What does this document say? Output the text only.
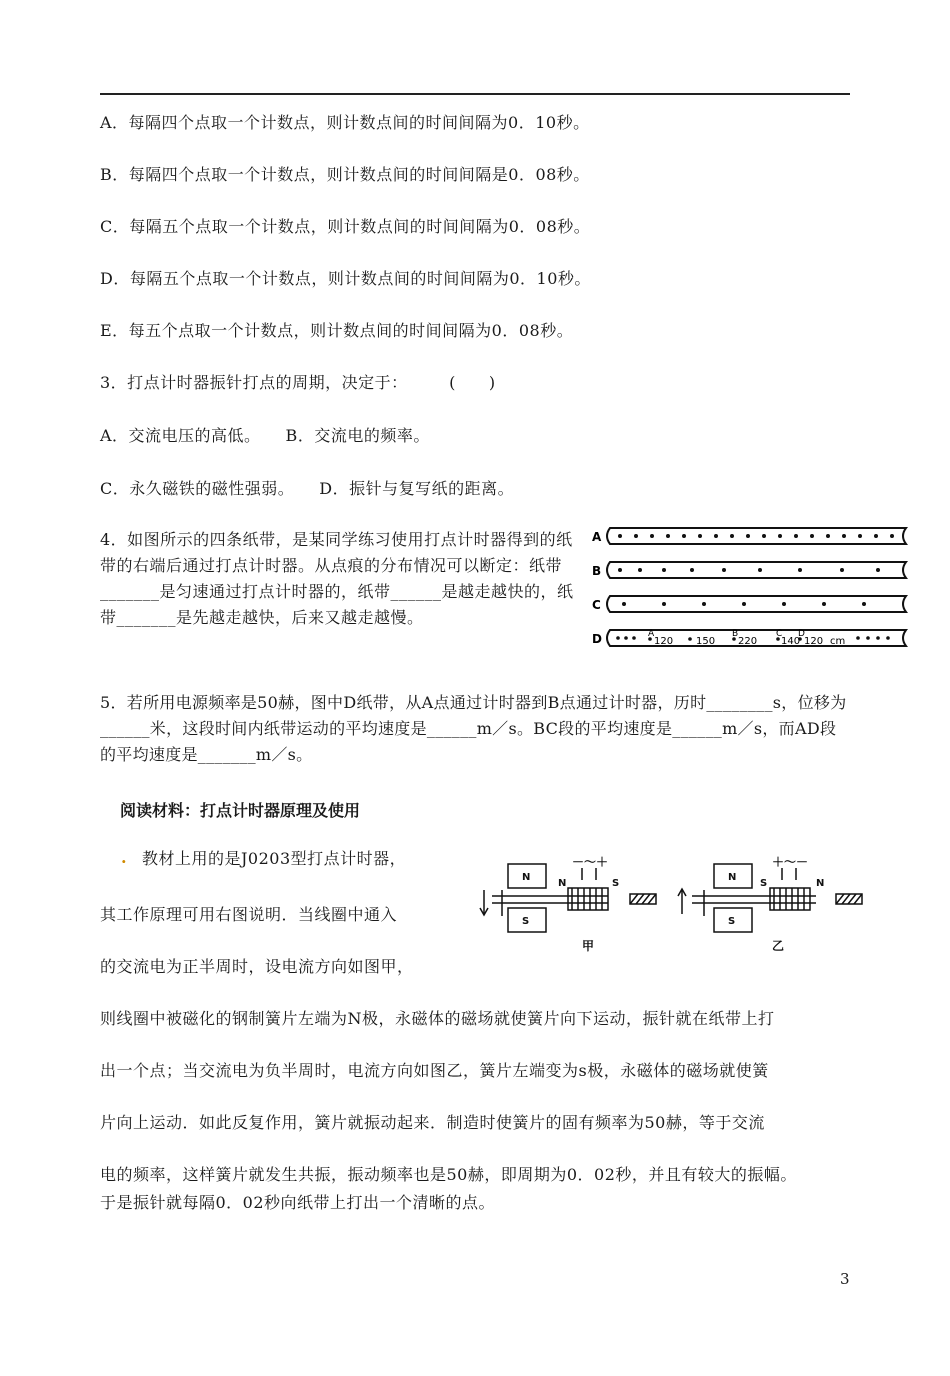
A．每隔四个点取一个计数点，则计数点间的时间间隔为0．10秒。
B．每隔四个点取一个计数点，则计数点间的时间间隔是0．08秒。
C．每隔五个点取一个计数点，则计数点间的时间间隔为0．08秒。
D．每隔五个点取一个计数点，则计数点间的时间间隔为0．10秒。
E．每五个点取一个计数点，则计数点间的时间间隔为0．08秒。
3．打点计时器振针打点的周期，决定于：　　　(　　)
A．交流电压的高低。　　B．交流电的频率。
C．永久磁铁的磁性强弱。　　D．振针与复写纸的距离。
4．如图所示的四条纸带，是某同学练习使用打点计时器得到的纸带的右端后通过打点计时器。从点痕的分布情况可以断定：纸带_______是匀速通过打点计时器的，纸带______是越走越快的，纸带_______是先越走越快，后来又越走越慢。
A
B
C
D	A
120 150
B
220
C
140
D
120 cm
5．若所用电源频率是50赫，图中D纸带，从A点通过计时器到B点通过计时器，历时________s，位移为______米，这段时间内纸带运动的平均速度是______m／s。BC段的平均速度是______m／s，而AD段的平均速度是_______m／s。
阅读材料：打点计时器原理及使用
. 教材上用的是J0203型打点计时器，
其工作原理可用右图说明．当线圈中通入
的交流电为正半周时，设电流方向如图甲，
则线圈中被磁化的钢制簧片左端为N极，永磁体的磁场就使簧片向下运动，振针就在纸带上打
出一个点；当交流电为负半周时，电流方向如图乙，簧片左端变为s极，永磁体的磁场就使簧
片向上运动．如此反复作用，簧片就振动起来．制造时使簧片的固有频率为50赫，等于交流
电的频率，这样簧片就发生共振，振动频率也是50赫，即周期为0．02秒，并且有较大的振幅。
于是振针就每隔0．02秒向纸带上打出一个清晰的点。
N
S
N	S
－～＋
甲
N
S
S	N
＋～－
乙
3
